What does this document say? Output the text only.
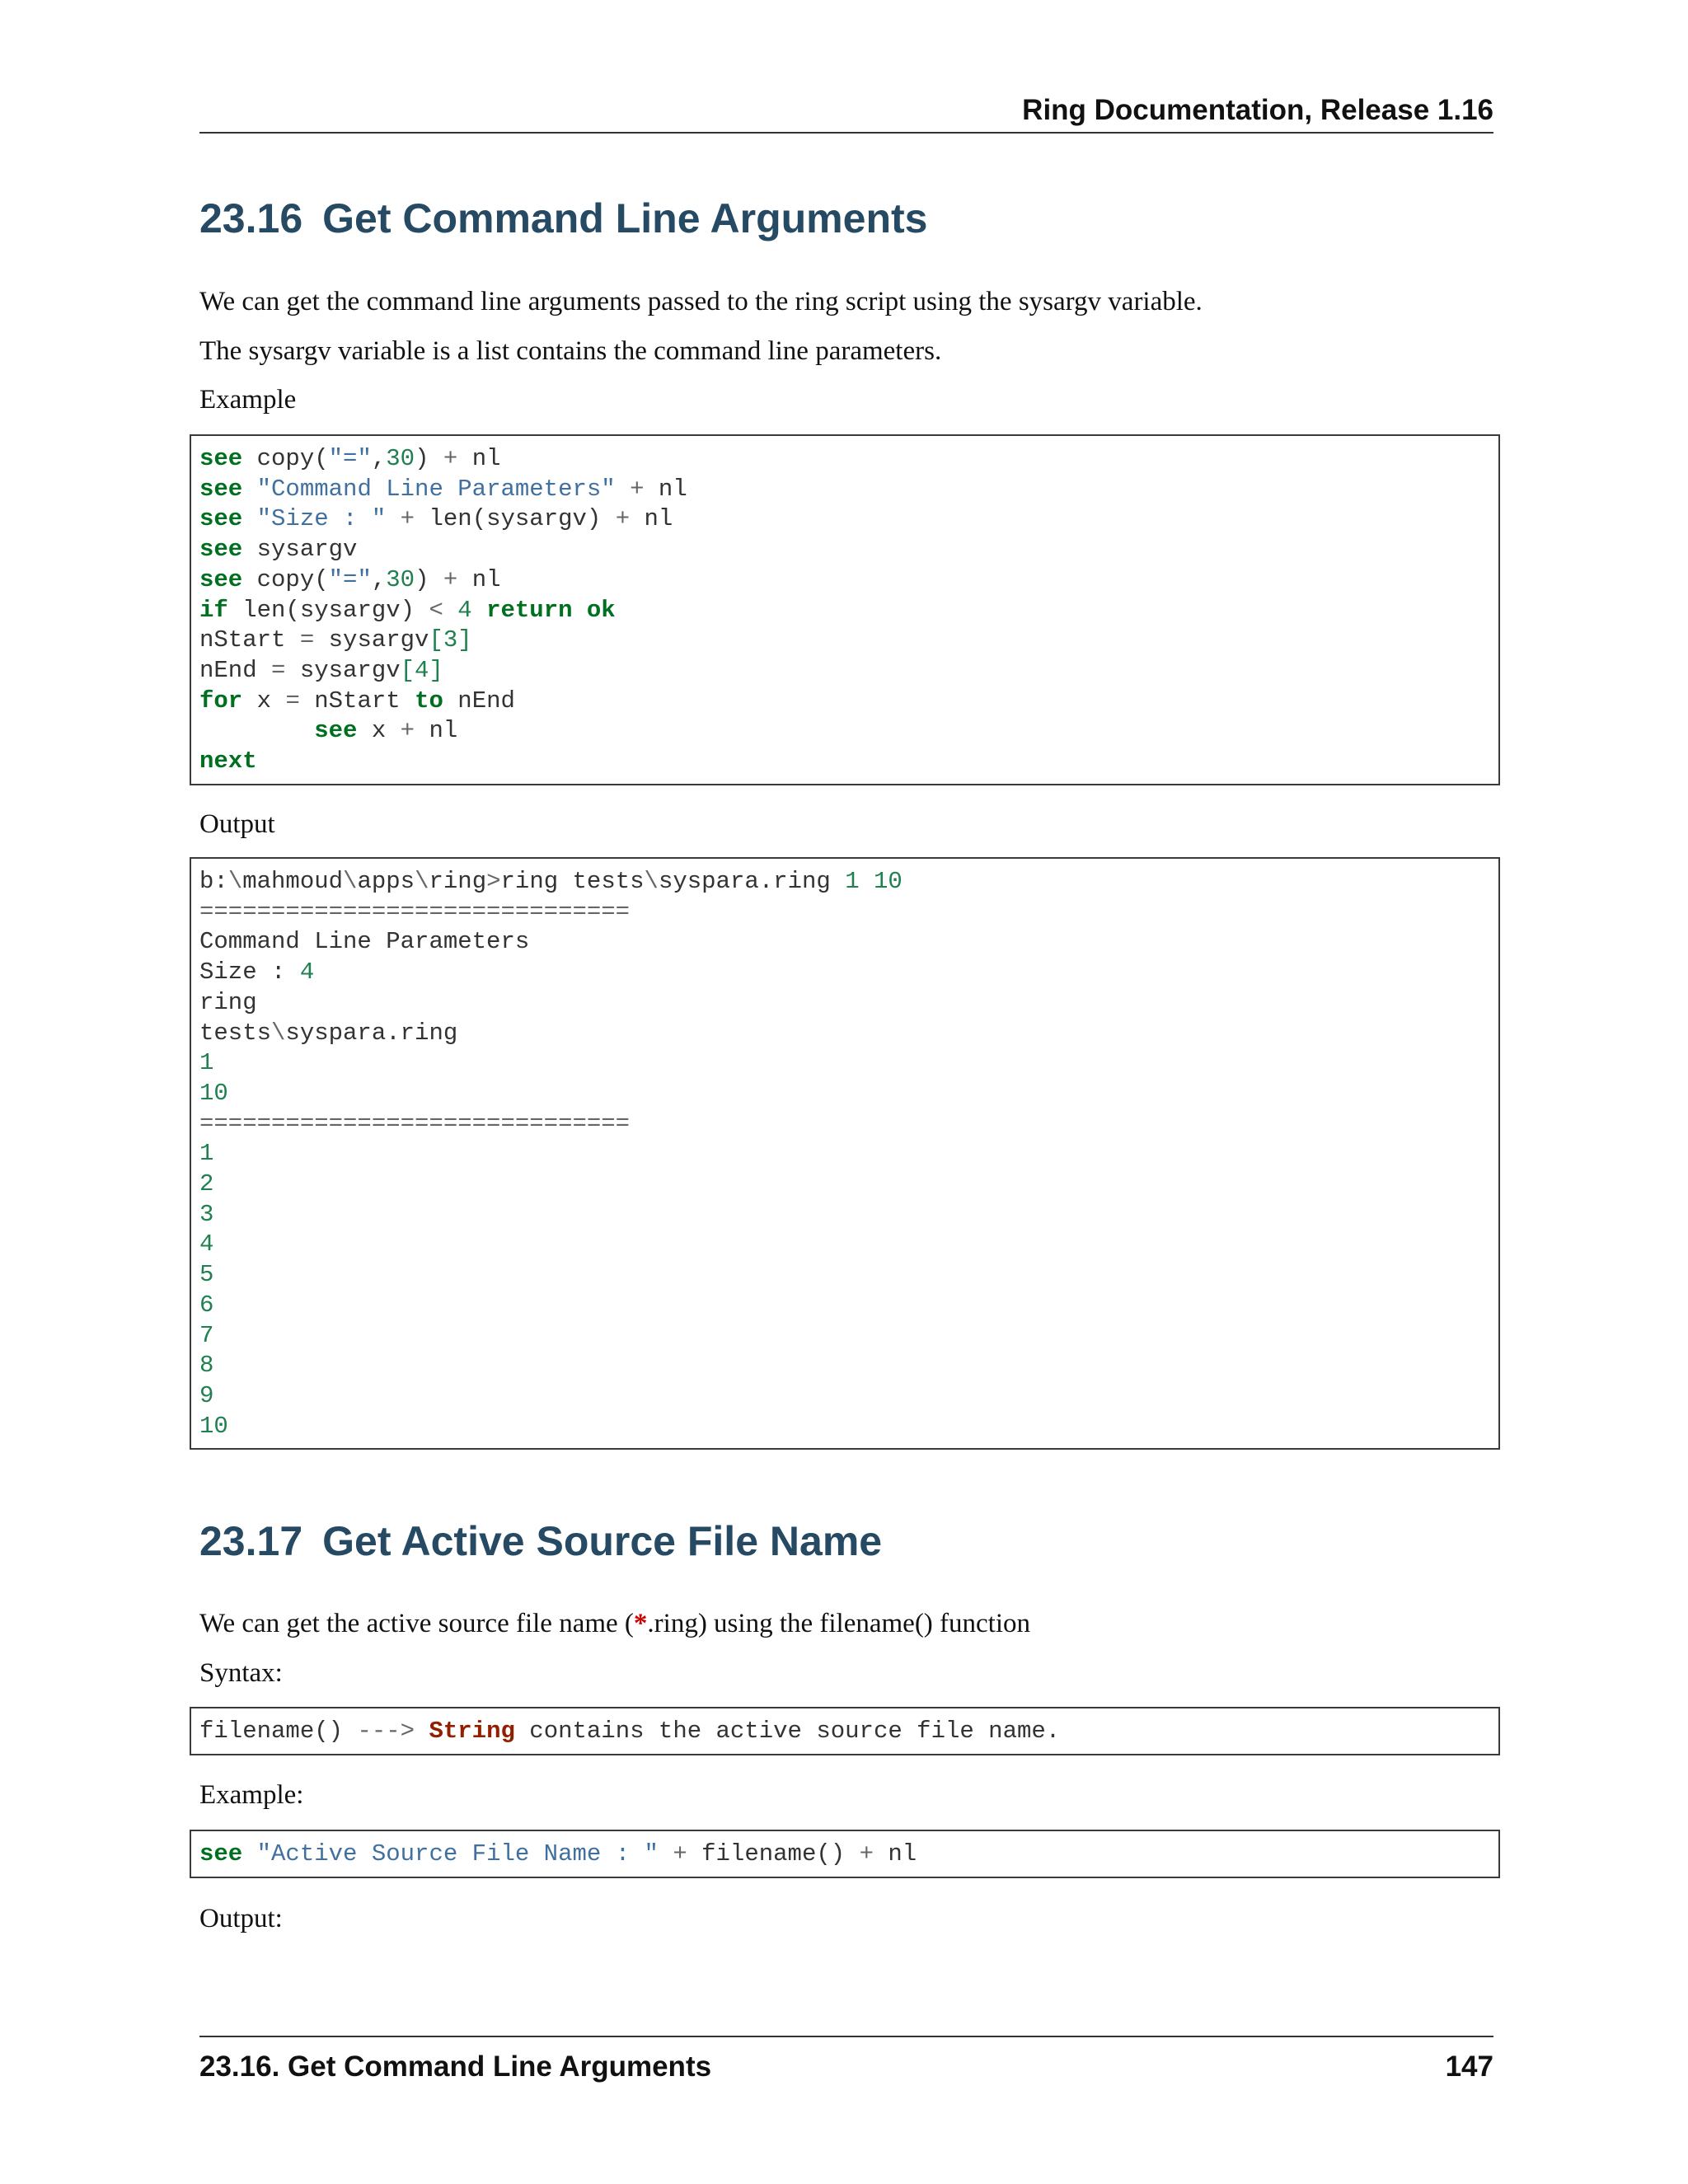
Ring Documentation, Release 1.16
23.16 Get Command Line Arguments

We can get the command line arguments passed to the ring script using the sysargv variable.

The sysargv variable is a list contains the command line parameters.

Example

see copy("=",30) + nl
see "Command Line Parameters" + nl
see "Size : " + len(sysargv) + nl
see sysargv
see copy("=",30) + nl
if len(sysargv) < 4 return ok
nStart = sysargv[3]
nEnd = sysargv[4]
for x = nStart to nEnd
see x + nl
next

Output

b:\mahmoud\apps\ring>ring tests\syspara.ring 1 10
==============================
Command Line Parameters
Size : 4
ring
tests\syspara.ring
1
10
==============================
1
2
3
4
5
6
7
8
9
10
23.17 Get Active Source File Name

We can get the active source file name (*.ring) using the filename() function

Syntax:

filename() ---> String contains the active source file name.

Example:

see "Active Source File Name : " + filename() + nl

Output:

23.16. Get Command Line Arguments	147
